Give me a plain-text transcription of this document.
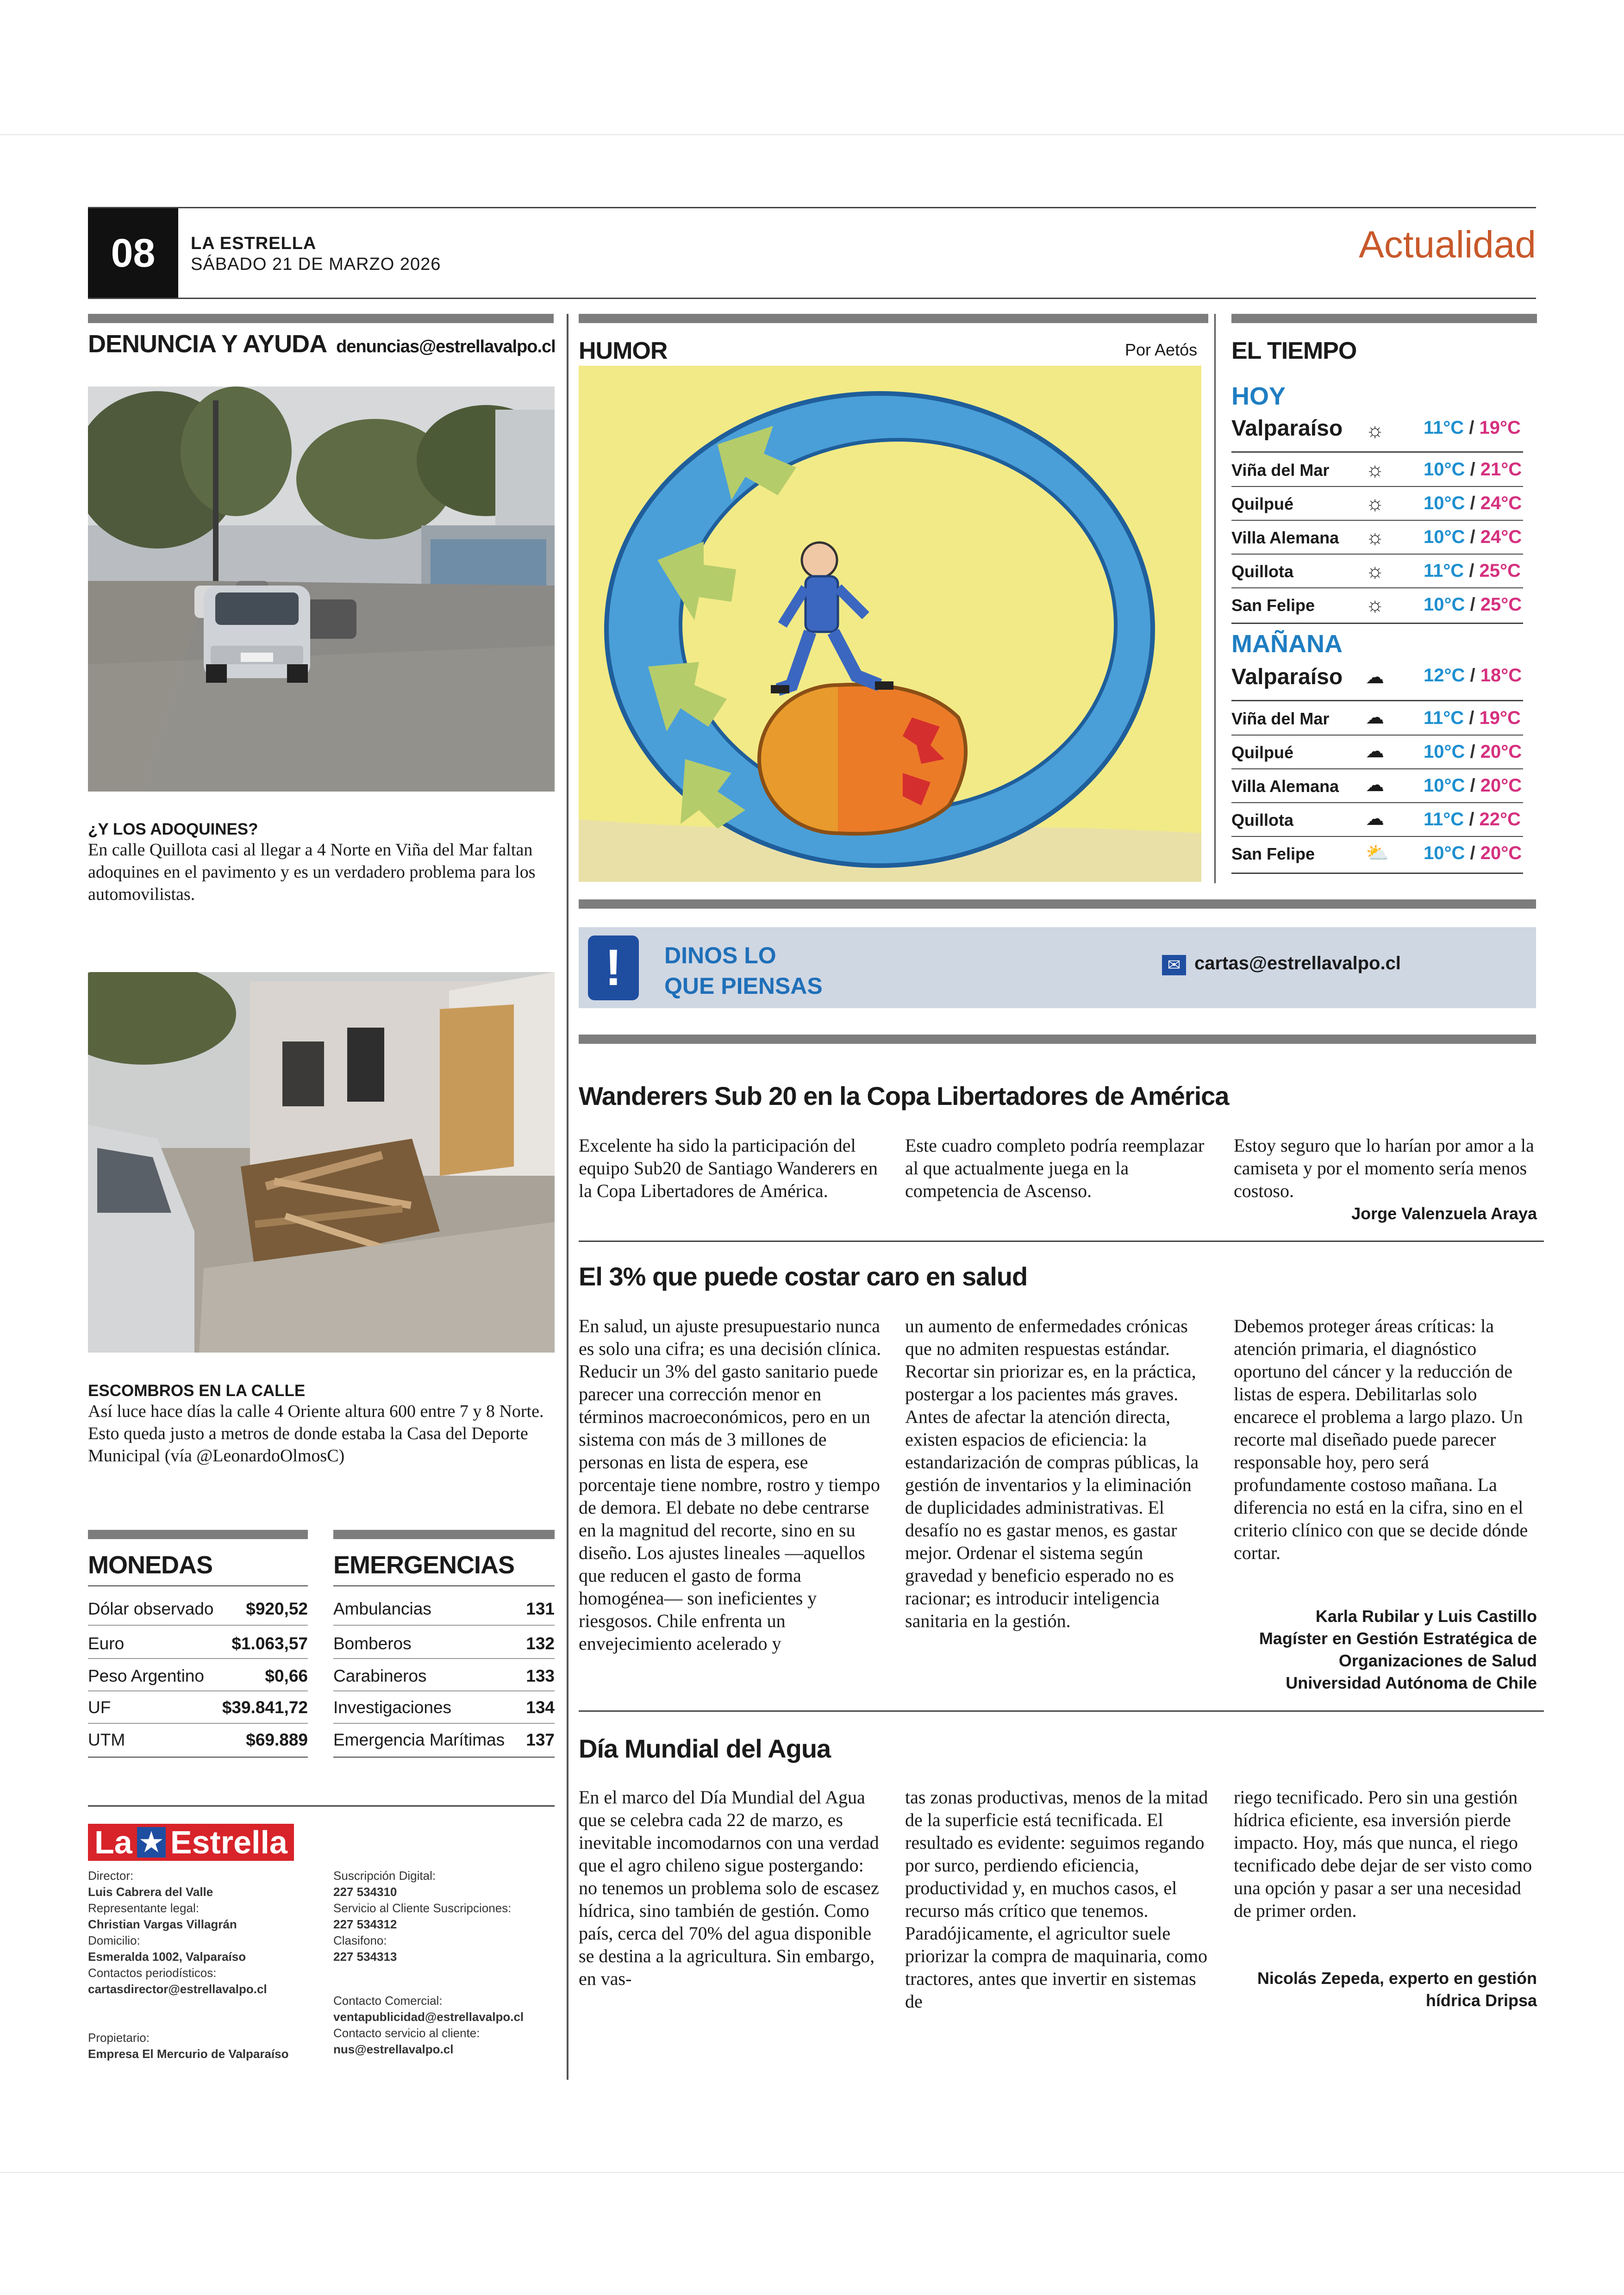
08	LA ESTRELLA
SÁBADO 21 DE MARZO 2026	Actualidad
DENUNCIA Y AYUDA denuncias@estrellavalpo.cl
¿Y LOS ADOQUINES?
En calle Quillota casi al llegar a 4 Norte en Viña del Mar faltan adoquines en el pavimento y es un verdadero problema para los automovilistas.
ESCOMBROS EN LA CALLE
Así luce hace días la calle 4 Oriente altura 600 entre 7 y 8 Norte. Esto queda justo a metros de donde estaba la Casa del Deporte Municipal (vía @LeonardoOlmosC)
MONEDAS
Dólar observado $920,52
Euro	$1.063,57
Peso Argentino	$0,66
UF	$39.841,72
UTM	$69.889
EMERGENCIAS
Ambulancias	131
Bomberos	132
Carabineros	133
Investigaciones	134
Emergencia Marítimas 137
La ★ Estrella
Director:
Luis Cabrera del Valle
Representante legal:
Christian Vargas Villagrán
Domicilio:
Esmeralda 1002, Valparaíso
Contactos periodísticos:
cartasdirector@estrellavalpo.cl
Propietario:
Empresa El Mercurio de Valparaíso
Suscripción Digital:
227 534310
Servicio al Cliente Suscripciones:
227 534312
Clasifono:
227 534313
Contacto Comercial:
ventapublicidad@estrellavalpo.cl
Contacto servicio al cliente:
nus@estrellavalpo.cl
HUMOR	Por Aetós EL TIEMPO
HOY
Valparaíso ☼ 11°C / 19°C
Viña del Mar ☼ 10°C / 21°C
Quilpué	☼ 10°C / 24°C
Villa Alemana ☼ 10°C / 24°C
Quillota	☼ 11°C / 25°C
San Felipe ☼ 10°C / 25°C
MAÑANA
Valparaíso ☁ 12°C / 18°C
Viña del Mar ☁ 11°C / 19°C
Quilpué	☁ 10°C / 20°C
Villa Alemana ☁ 10°C / 20°C
Quillota	☁ 11°C / 22°C
San Felipe	⛅ 10°C / 20°C
!	DINOS LO
QUE PIENSAS
✉ cartas@estrellavalpo.cl
Wanderers Sub 20 en la Copa Libertadores de América

Excelente ha sido la participación del equipo Sub20 de Santiago Wanderers en la Copa Libertadores de América.

Este cuadro completo podría reemplazar al que actualmente juega en la competencia de Ascenso.

Estoy seguro que lo harían por amor a la camiseta y por el momento sería menos costoso.

Jorge Valenzuela Araya
El 3% que puede costar caro en salud

En salud, un ajuste presupuestario nunca es solo una cifra; es una decisión clínica. Reducir un 3% del gasto sanitario puede parecer una corrección menor en términos macroeconómicos, pero en un sistema con más de 3 millones de personas en lista de espera, ese porcentaje tiene nombre, rostro y tiempo de demora. El debate no debe centrarse en la magnitud del recorte, sino en su diseño. Los ajustes lineales —aquellos que reducen el gasto de forma homogénea— son ineficientes y riesgosos. Chile enfrenta un envejecimiento acelerado y

un aumento de enfermedades crónicas que no admiten respuestas estándar. Recortar sin priorizar es, en la práctica, postergar a los pacientes más graves. Antes de afectar la atención directa, existen espacios de eficiencia: la estandarización de compras públicas, la gestión de inventarios y la eliminación de duplicidades administrativas. El desafío no es gastar menos, es gastar mejor. Ordenar el sistema según gravedad y beneficio esperado no es racionar; es introducir inteligencia sanitaria en la gestión.

Debemos proteger áreas críticas: la atención primaria, el diagnóstico oportuno del cáncer y la reducción de listas de espera. Debilitarlas solo encarece el problema a largo plazo. Un recorte mal diseñado puede parecer responsable hoy, pero será profundamente costoso mañana. La diferencia no está en la cifra, sino en el criterio clínico con que se decide dónde cortar.

Karla Rubilar y Luis Castillo
Magíster en Gestión Estratégica de
Organizaciones de Salud
Universidad Autónoma de Chile
Día Mundial del Agua

En el marco del Día Mundial del Agua que se celebra cada 22 de marzo, es inevitable incomodarnos con una verdad que el agro chileno sigue postergando: no tenemos un problema solo de escasez hídrica, sino también de gestión. Como país, cerca del 70% del agua disponible se destina a la agricultura. Sin embargo, en vas-

tas zonas productivas, menos de la mitad de la superficie está tecnificada. El resultado es evidente: seguimos regando por surco, perdiendo eficiencia, productividad y, en muchos casos, el recurso más crítico que tenemos. Paradójicamente, el agricultor suele priorizar la compra de maquinaria, como tractores, antes que invertir en sistemas de

riego tecnificado. Pero sin una gestión hídrica eficiente, esa inversión pierde impacto. Hoy, más que nunca, el riego tecnificado debe dejar de ser visto como una opción y pasar a ser una necesidad de primer orden.

Nicolás Zepeda, experto en gestión
hídrica Dripsa
